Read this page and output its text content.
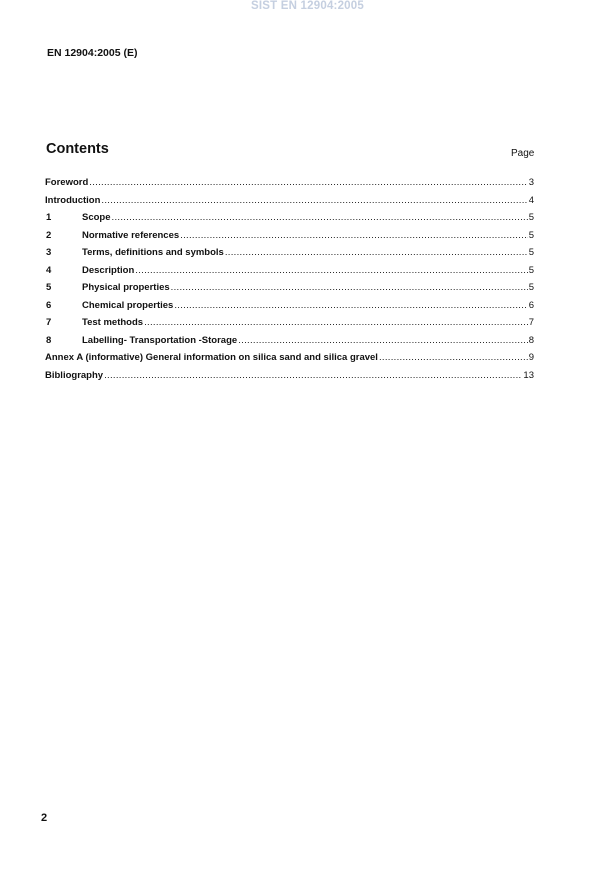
SIST EN 12904:2005
EN 12904:2005 (E)
Contents	Page
Foreword .....	3
Introduction .....	4
1	Scope .....	5
2	Normative references .....	5
3	Terms, definitions and symbols .....	5
4	Description .....	5
5	Physical properties .....	5
6	Chemical properties .....	6
7	Test methods .....	7
8	Labelling- Transportation -Storage .....	8
Annex A (informative) General information on silica sand and silica gravel .....	9
Bibliography .....	13
2
